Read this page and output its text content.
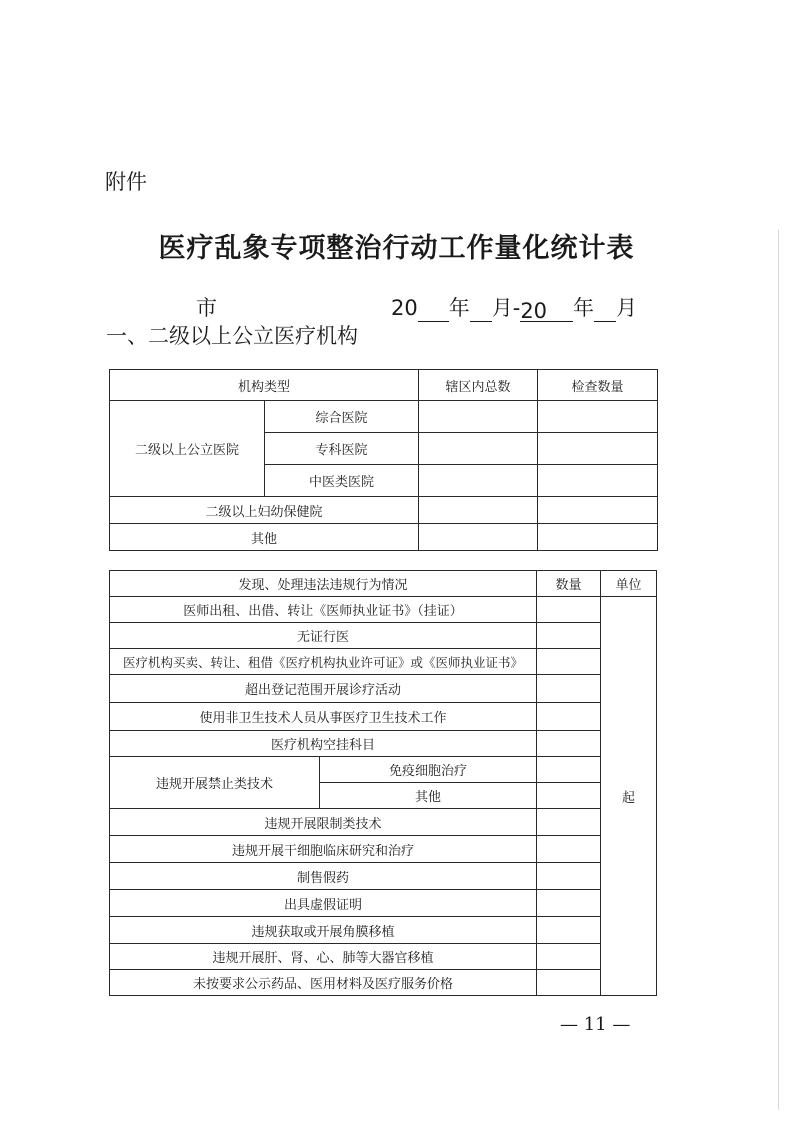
附件
医疗乱象专项整治行动工作量化统计表
市	20 年 月-20 年 月
一、二级以上公立医疗机构
机构类型		辖区内总数	检查数量
二级以上公立医院	综合医院		
	专科医院		
	中医类医院		
二级以上妇幼保健院			
其他			
发现、处理违法违规行为情况		数量	单位
医师出租、出借、转让《医师执业证书》（挂证）			起
无证行医			
医疗机构买卖、转让、租借《医疗机构执业许可证》或《医师执业证书》			
超出登记范围开展诊疗活动			
使用非卫生技术人员从事医疗卫生技术工作			
医疗机构空挂科目			
违规开展禁止类技术	免疫细胞治疗		
	其他		
违规开展限制类技术			
违规开展干细胞临床研究和治疗			
制售假药			
出具虚假证明			
违规获取或开展角膜移植			
违规开展肝、肾、心、肺等大器官移植			
未按要求公示药品、医用材料及医疗服务价格			
— 11 —
